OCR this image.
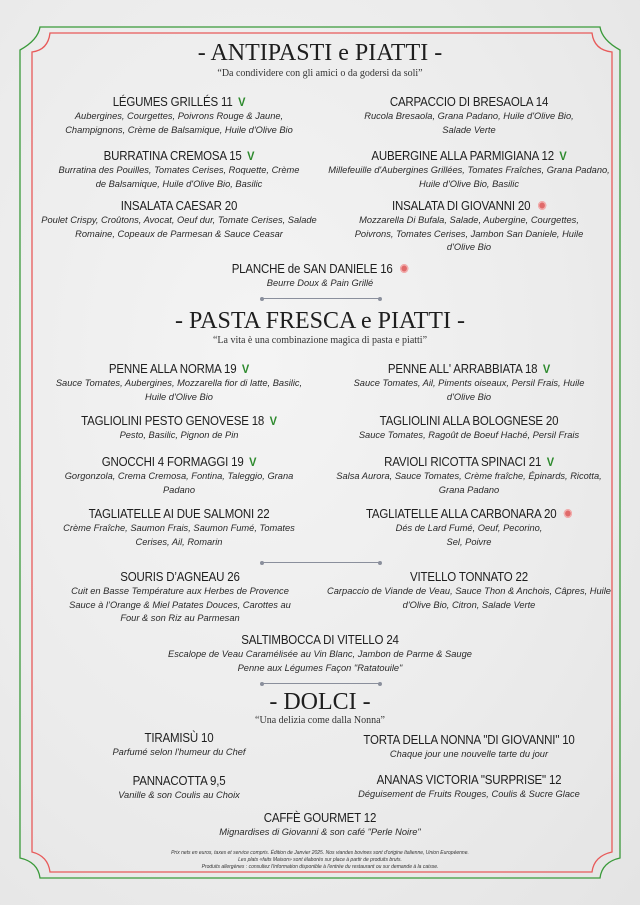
- ANTIPASTI e PIATTI -
“Da condividere con gli amici o da godersi da soli”
LÉGUMES GRILLÉS 11 V
Aubergines, Courgettes, Poivrons Rouge & Jaune, Champignons, Crème de Balsamique, Huile d'Olive Bio
CARPACCIO DI BRESAOLA 14
Rucola Bresaola, Grana Padano, Huile d'Olive Bio, Salade Verte
BURRATINA CREMOSA 15 V
Burratina des Pouilles, Tomates Cerises, Roquette, Crème de Balsamique, Huile d'Olive Bio, Basilic
AUBERGINE ALLA PARMIGIANA 12 V
Millefeuille d'Aubergines Grillées, Tomates Fraîches, Grana Padano, Huile d'Olive Bio, Basilic
INSALATA CAESAR 20
Poulet Crispy, Croûtons, Avocat, Oeuf dur, Tomate Cerises, Salade Romaine, Copeaux de Parmesan & Sauce Ceasar
INSALATA DI GIOVANNI 20
Mozzarella Di Bufala, Salade, Aubergine, Courgettes, Poivrons, Tomates Cerises, Jambon San Daniele, Huile d'Olive Bio
PLANCHE de SAN DANIELE 16
Beurre Doux & Pain Grillé
- PASTA FRESCA e PIATTI -
“La vita è una combinazione magica di pasta e piatti”
PENNE ALLA NORMA 19 V
Sauce Tomates, Aubergines, Mozzarella fior di latte, Basilic, Huile d'Olive Bio
PENNE ALL' ARRABBIATA 18 V
Sauce Tomates, Ail, Piments oiseaux, Persil Frais, Huile d'Olive Bio
TAGLIOLINI PESTO GENOVESE 18 V
Pesto, Basilic, Pignon de Pin
TAGLIOLINI ALLA BOLOGNESE 20
Sauce Tomates, Ragoût de Boeuf Haché, Persil Frais
GNOCCHI 4 FORMAGGI 19 V
Gorgonzola, Crema Cremosa, Fontina, Taleggio, Grana Padano
RAVIOLI RICOTTA SPINACI 21 V
Salsa Aurora, Sauce Tomates, Crème fraîche, Épinards, Ricotta, Grana Padano
TAGLIATELLE AI DUE SALMONI 22
Crème Fraîche, Saumon Frais, Saumon Fumé, Tomates Cerises, Ail, Romarin
TAGLIATELLE ALLA CARBONARA 20
Dés de Lard Fumé, Oeuf, Pecorino, Sel, Poivre
SOURIS D’AGNEAU 26
Cuit en Basse Température aux Herbes de Provence Sauce à l’Orange & Miel Patates Douces, Carottes au Four & son Riz au Parmesan
VITELLO TONNATO 22
Carpaccio de Viande de Veau, Sauce Thon & Anchois, Câpres, Huile d'Olive Bio, Citron, Salade Verte
SALTIMBOCCA DI VITELLO 24
Escalope de Veau Caramélisée au Vin Blanc, Jambon de Parme & Sauge Penne aux Légumes Façon "Ratatouile"
- DOLCI -
“Una delizia come dalla Nonna”
TIRAMISÙ 10
Parfumé selon l'humeur du Chef
TORTA DELLA NONNA "DI GIOVANNI" 10
Chaque jour une nouvelle tarte du jour
PANNACOTTA 9,5
Vanille & son Coulis au Choix
ANANAS VICTORIA "SURPRISE" 12
Déguisement de Fruits Rouges, Coulis & Sucre Glace
CAFFÈ GOURMET 12
Mignardises di Giovanni & son café "Perle Noire"
Prix nets en euros, taxes et service compris. Édition de Janvier 2025. Nos viandes bovines sont d'origine Italienne, Union Européenne.
Les plats «faits Maison» sont élaborés sur place à partir de produits bruts.
Produits allergènes : consultez l'information disponible à l'entrée du restaurant ou sur demande à la caisse.
